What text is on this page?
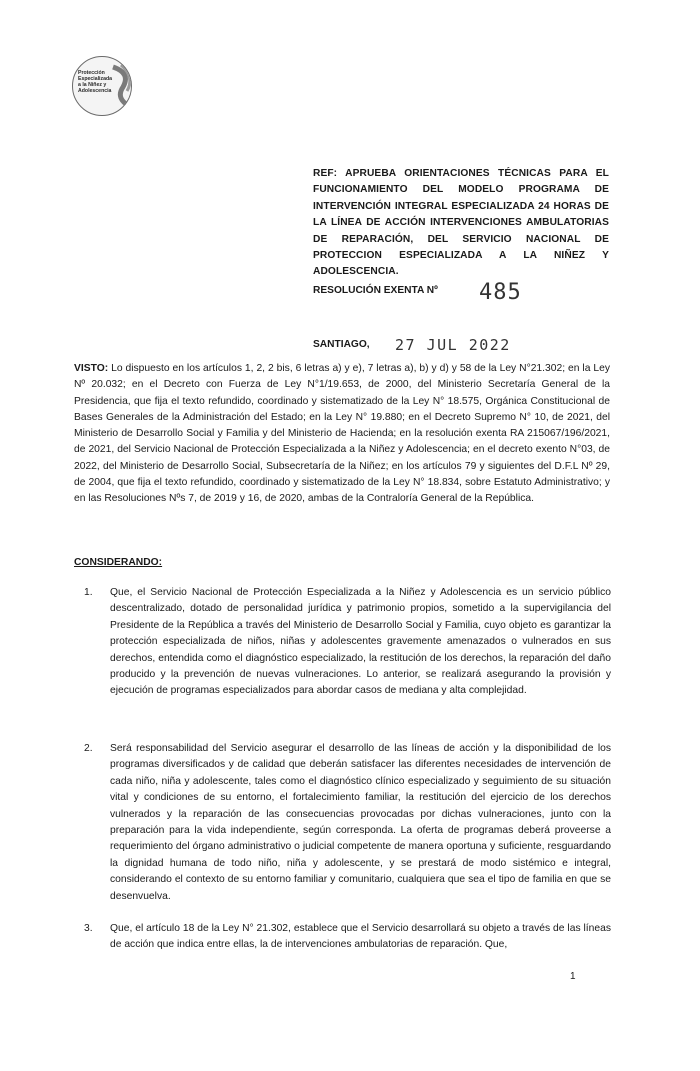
Protección
Especializada
a la Niñez y
Adolescencia
REF: APRUEBA ORIENTACIONES TÉCNICAS PARA EL FUNCIONAMIENTO DEL MODELO PROGRAMA DE INTERVENCIÓN INTEGRAL ESPECIALIZADA 24 HORAS DE LA LÍNEA DE ACCIÓN INTERVENCIONES AMBULATORIAS DE REPARACIÓN, DEL SERVICIO NACIONAL DE PROTECCION ESPECIALIZADA A LA NIÑEZ Y ADOLESCENCIA.
RESOLUCIÓN EXENTA Nº 485
SANTIAGO, 27 JUL 2022
VISTO: Lo dispuesto en los artículos 1, 2, 2 bis, 6 letras a) y e), 7 letras a), b) y d) y 58 de la Ley N°21.302; en la Ley Nº 20.032; en el Decreto con Fuerza de Ley N°1/19.653, de 2000, del Ministerio Secretaría General de la Presidencia, que fija el texto refundido, coordinado y sistematizado de la Ley N° 18.575, Orgánica Constitucional de Bases Generales de la Administración del Estado; en la Ley N° 19.880; en el Decreto Supremo N° 10, de 2021, del Ministerio de Desarrollo Social y Familia y del Ministerio de Hacienda; en la resolución exenta RA 215067/196/2021, de 2021, del Servicio Nacional de Protección Especializada a la Niñez y Adolescencia; en el decreto exento N°03, de 2022, del Ministerio de Desarrollo Social, Subsecretaría de la Niñez; en los artículos 79 y siguientes del D.F.L Nº 29, de 2004, que fija el texto refundido, coordinado y sistematizado de la Ley N° 18.834, sobre Estatuto Administrativo; y en las Resoluciones Nºs 7, de 2019 y 16, de 2020, ambas de la Contraloría General de la República.
CONSIDERANDO:
1. Que, el Servicio Nacional de Protección Especializada a la Niñez y Adolescencia es un servicio público descentralizado, dotado de personalidad jurídica y patrimonio propios, sometido a la supervigilancia del Presidente de la República a través del Ministerio de Desarrollo Social y Familia, cuyo objeto es garantizar la protección especializada de niños, niñas y adolescentes gravemente amenazados o vulnerados en sus derechos, entendida como el diagnóstico especializado, la restitución de los derechos, la reparación del daño producido y la prevención de nuevas vulneraciones. Lo anterior, se realizará asegurando la provisión y ejecución de programas especializados para abordar casos de mediana y alta complejidad.
2. Será responsabilidad del Servicio asegurar el desarrollo de las líneas de acción y la disponibilidad de los programas diversificados y de calidad que deberán satisfacer las diferentes necesidades de intervención de cada niño, niña y adolescente, tales como el diagnóstico clínico especializado y seguimiento de su situación vital y condiciones de su entorno, el fortalecimiento familiar, la restitución del ejercicio de los derechos vulnerados y la reparación de las consecuencias provocadas por dichas vulneraciones, junto con la preparación para la vida independiente, según corresponda. La oferta de programas deberá proveerse a requerimiento del órgano administrativo o judicial competente de manera oportuna y suficiente, resguardando la dignidad humana de todo niño, niña y adolescente, y se prestará de modo sistémico e integral, considerando el contexto de su entorno familiar y comunitario, cualquiera que sea el tipo de familia en que se desenvuelva.
3. Que, el artículo 18 de la Ley N° 21.302, establece que el Servicio desarrollará su objeto a través de las líneas de acción que indica entre ellas, la de intervenciones ambulatorias de reparación. Que,
1
